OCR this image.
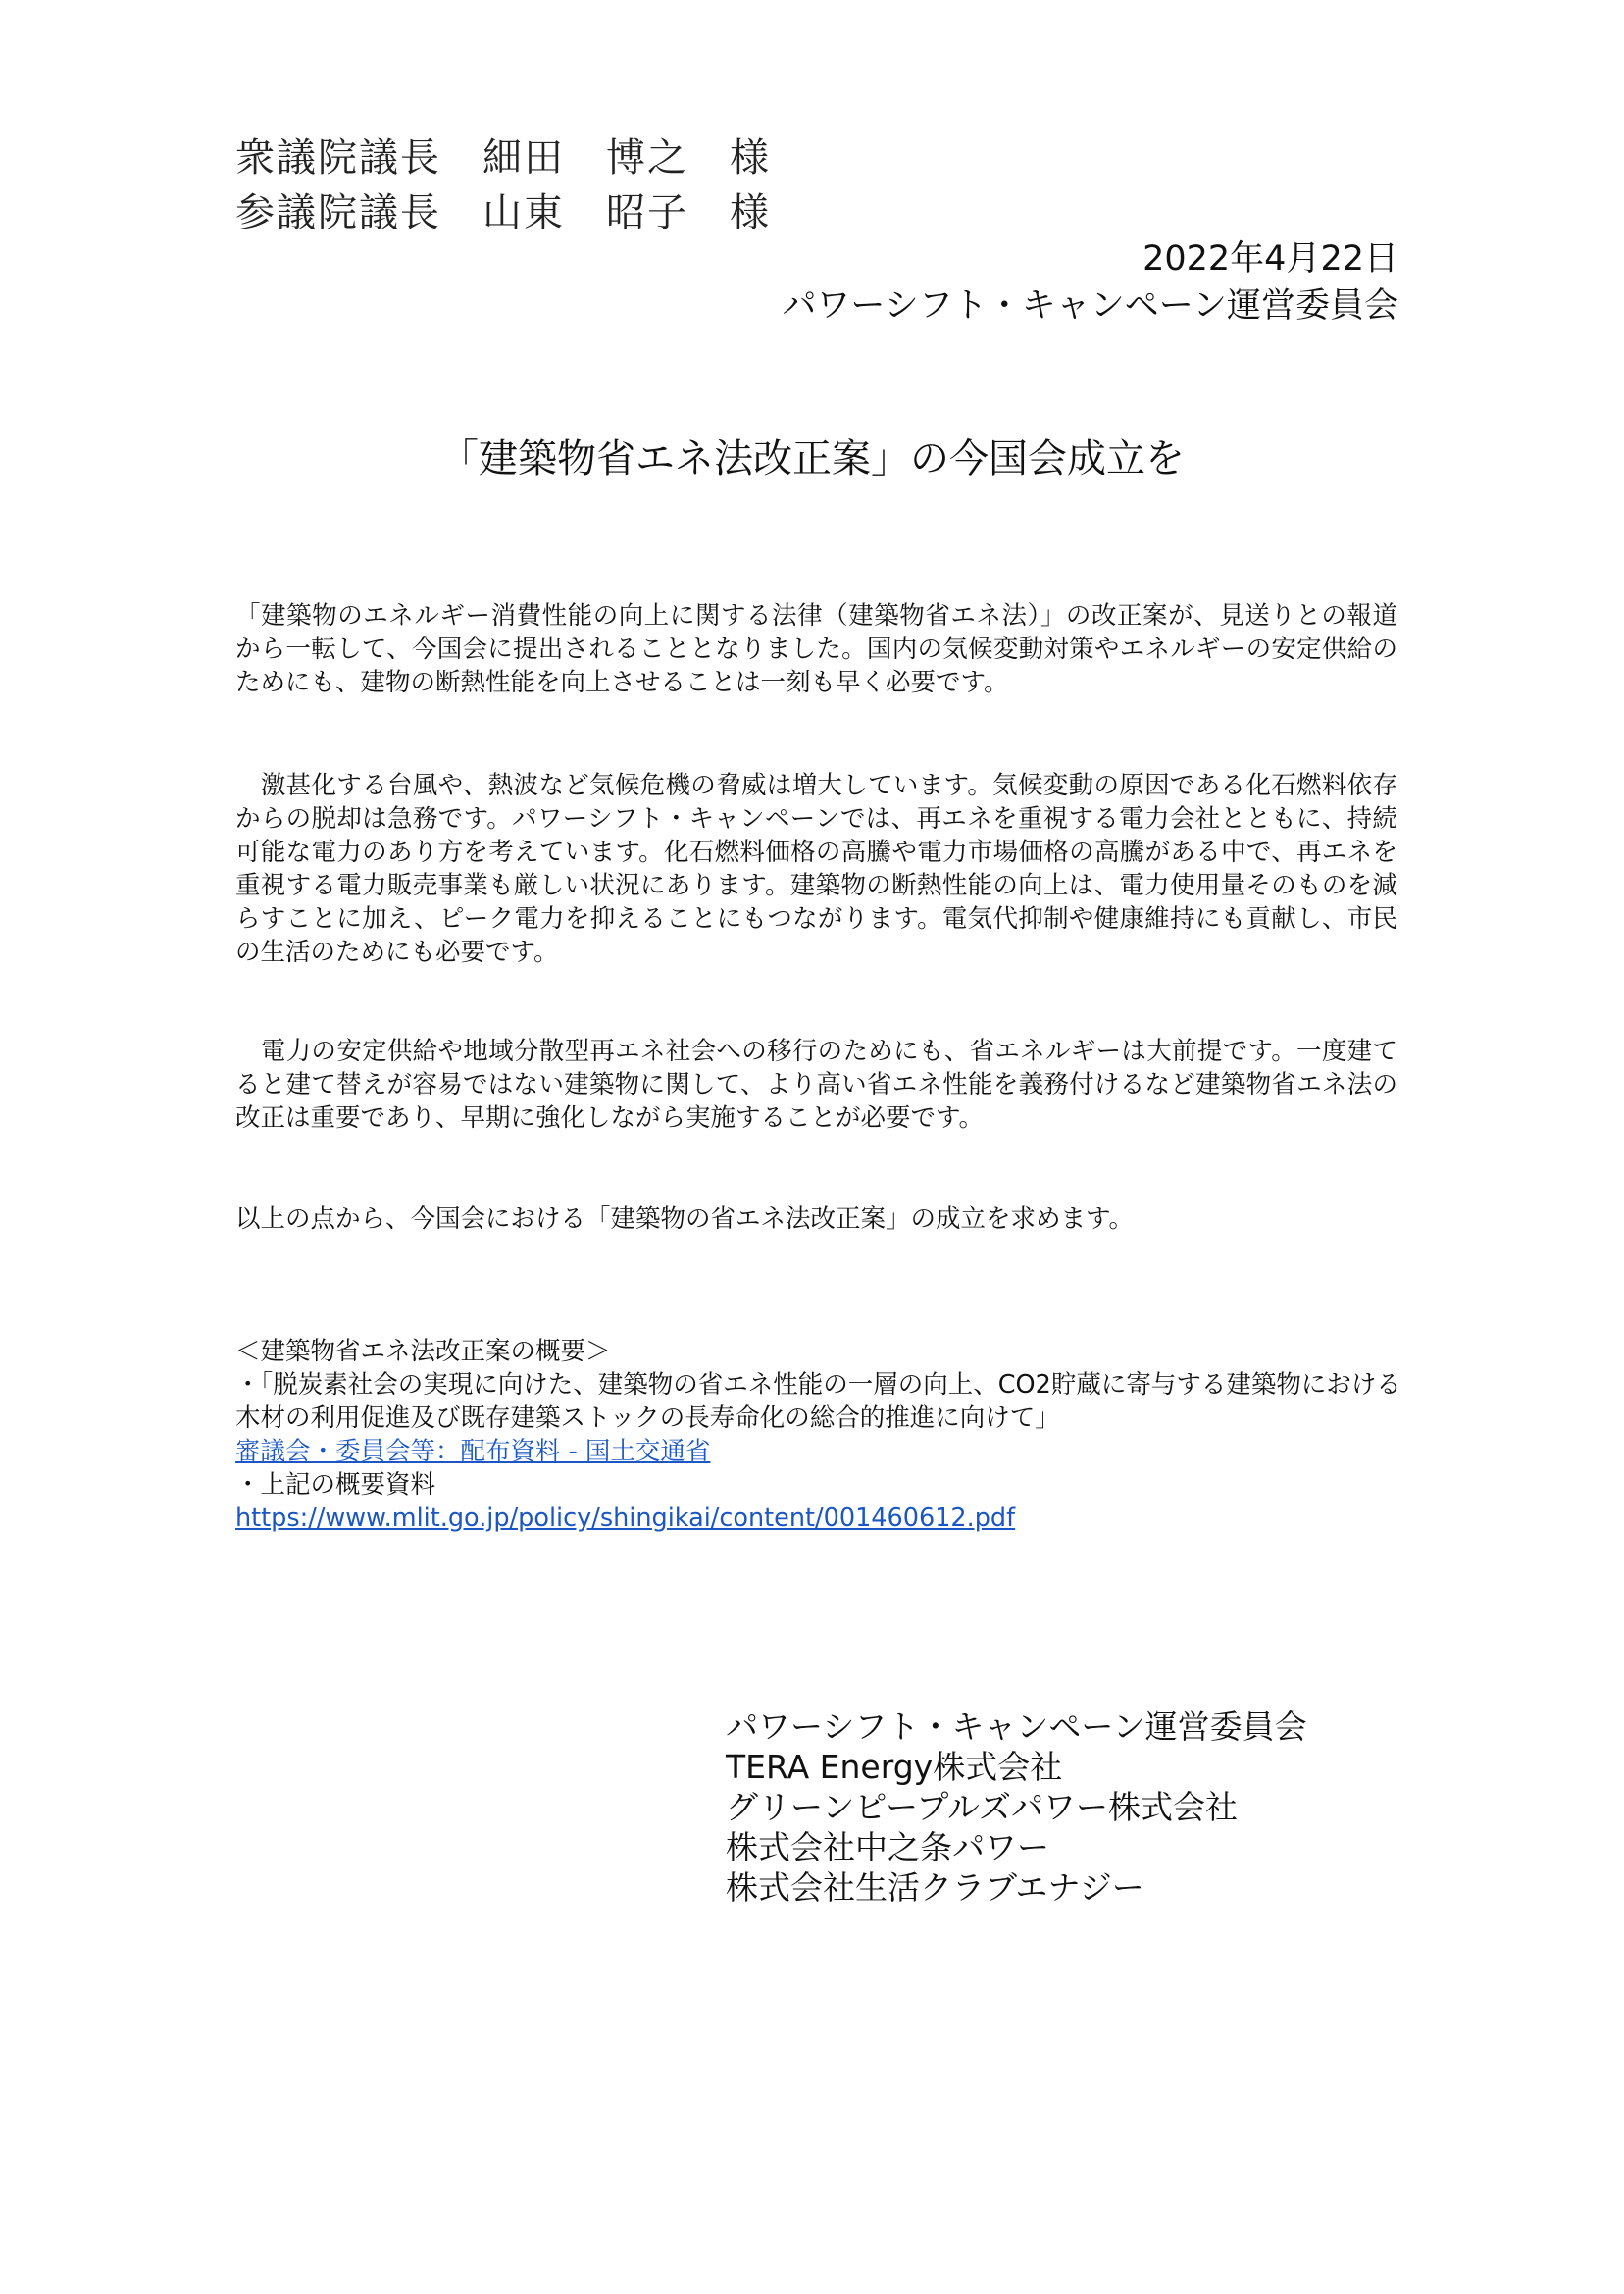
衆議院議長　細田　博之　様
参議院議長　山東　昭子　様
2022年4月22日
パワーシフト・キャンペーン運営委員会
「建築物省エネ法改正案」の今国会成立を
「建築物のエネルギー消費性能の向上に関する法律（建築物省エネ法）」の改正案が、見送りとの報道から一転して、今国会に提出されることとなりました。国内の気候変動対策やエネルギーの安定供給のためにも、建物の断熱性能を向上させることは一刻も早く必要です。
　激甚化する台風や、熱波など気候危機の脅威は増大しています。気候変動の原因である化石燃料依存からの脱却は急務です。パワーシフト・キャンペーンでは、再エネを重視する電力会社とともに、持続可能な電力のあり方を考えています。化石燃料価格の高騰や電力市場価格の高騰がある中で、再エネを重視する電力販売事業も厳しい状況にあります。建築物の断熱性能の向上は、電力使用量そのものを減らすことに加え、ピーク電力を抑えることにもつながります。電気代抑制や健康維持にも貢献し、市民の生活のためにも必要です。
　電力の安定供給や地域分散型再エネ社会への移行のためにも、省エネルギーは大前提です。一度建てると建て替えが容易ではない建築物に関して、より高い省エネ性能を義務付けるなど建築物省エネ法の改正は重要であり、早期に強化しながら実施することが必要です。
以上の点から、今国会における「建築物の省エネ法改正案」の成立を求めます。
＜建築物省エネ法改正案の概要＞
・「脱炭素社会の実現に向けた、建築物の省エネ性能の一層の向上、CO2貯蔵に寄与する建築物における木材の利用促進及び既存建築ストックの長寿命化の総合的推進に向けて」
審議会・委員会等：配布資料 - 国土交通省
・上記の概要資料
https://www.mlit.go.jp/policy/shingikai/content/001460612.pdf
パワーシフト・キャンペーン運営委員会
TERA Energy株式会社
グリーンピープルズパワー株式会社
株式会社中之条パワー
株式会社生活クラブエナジー
